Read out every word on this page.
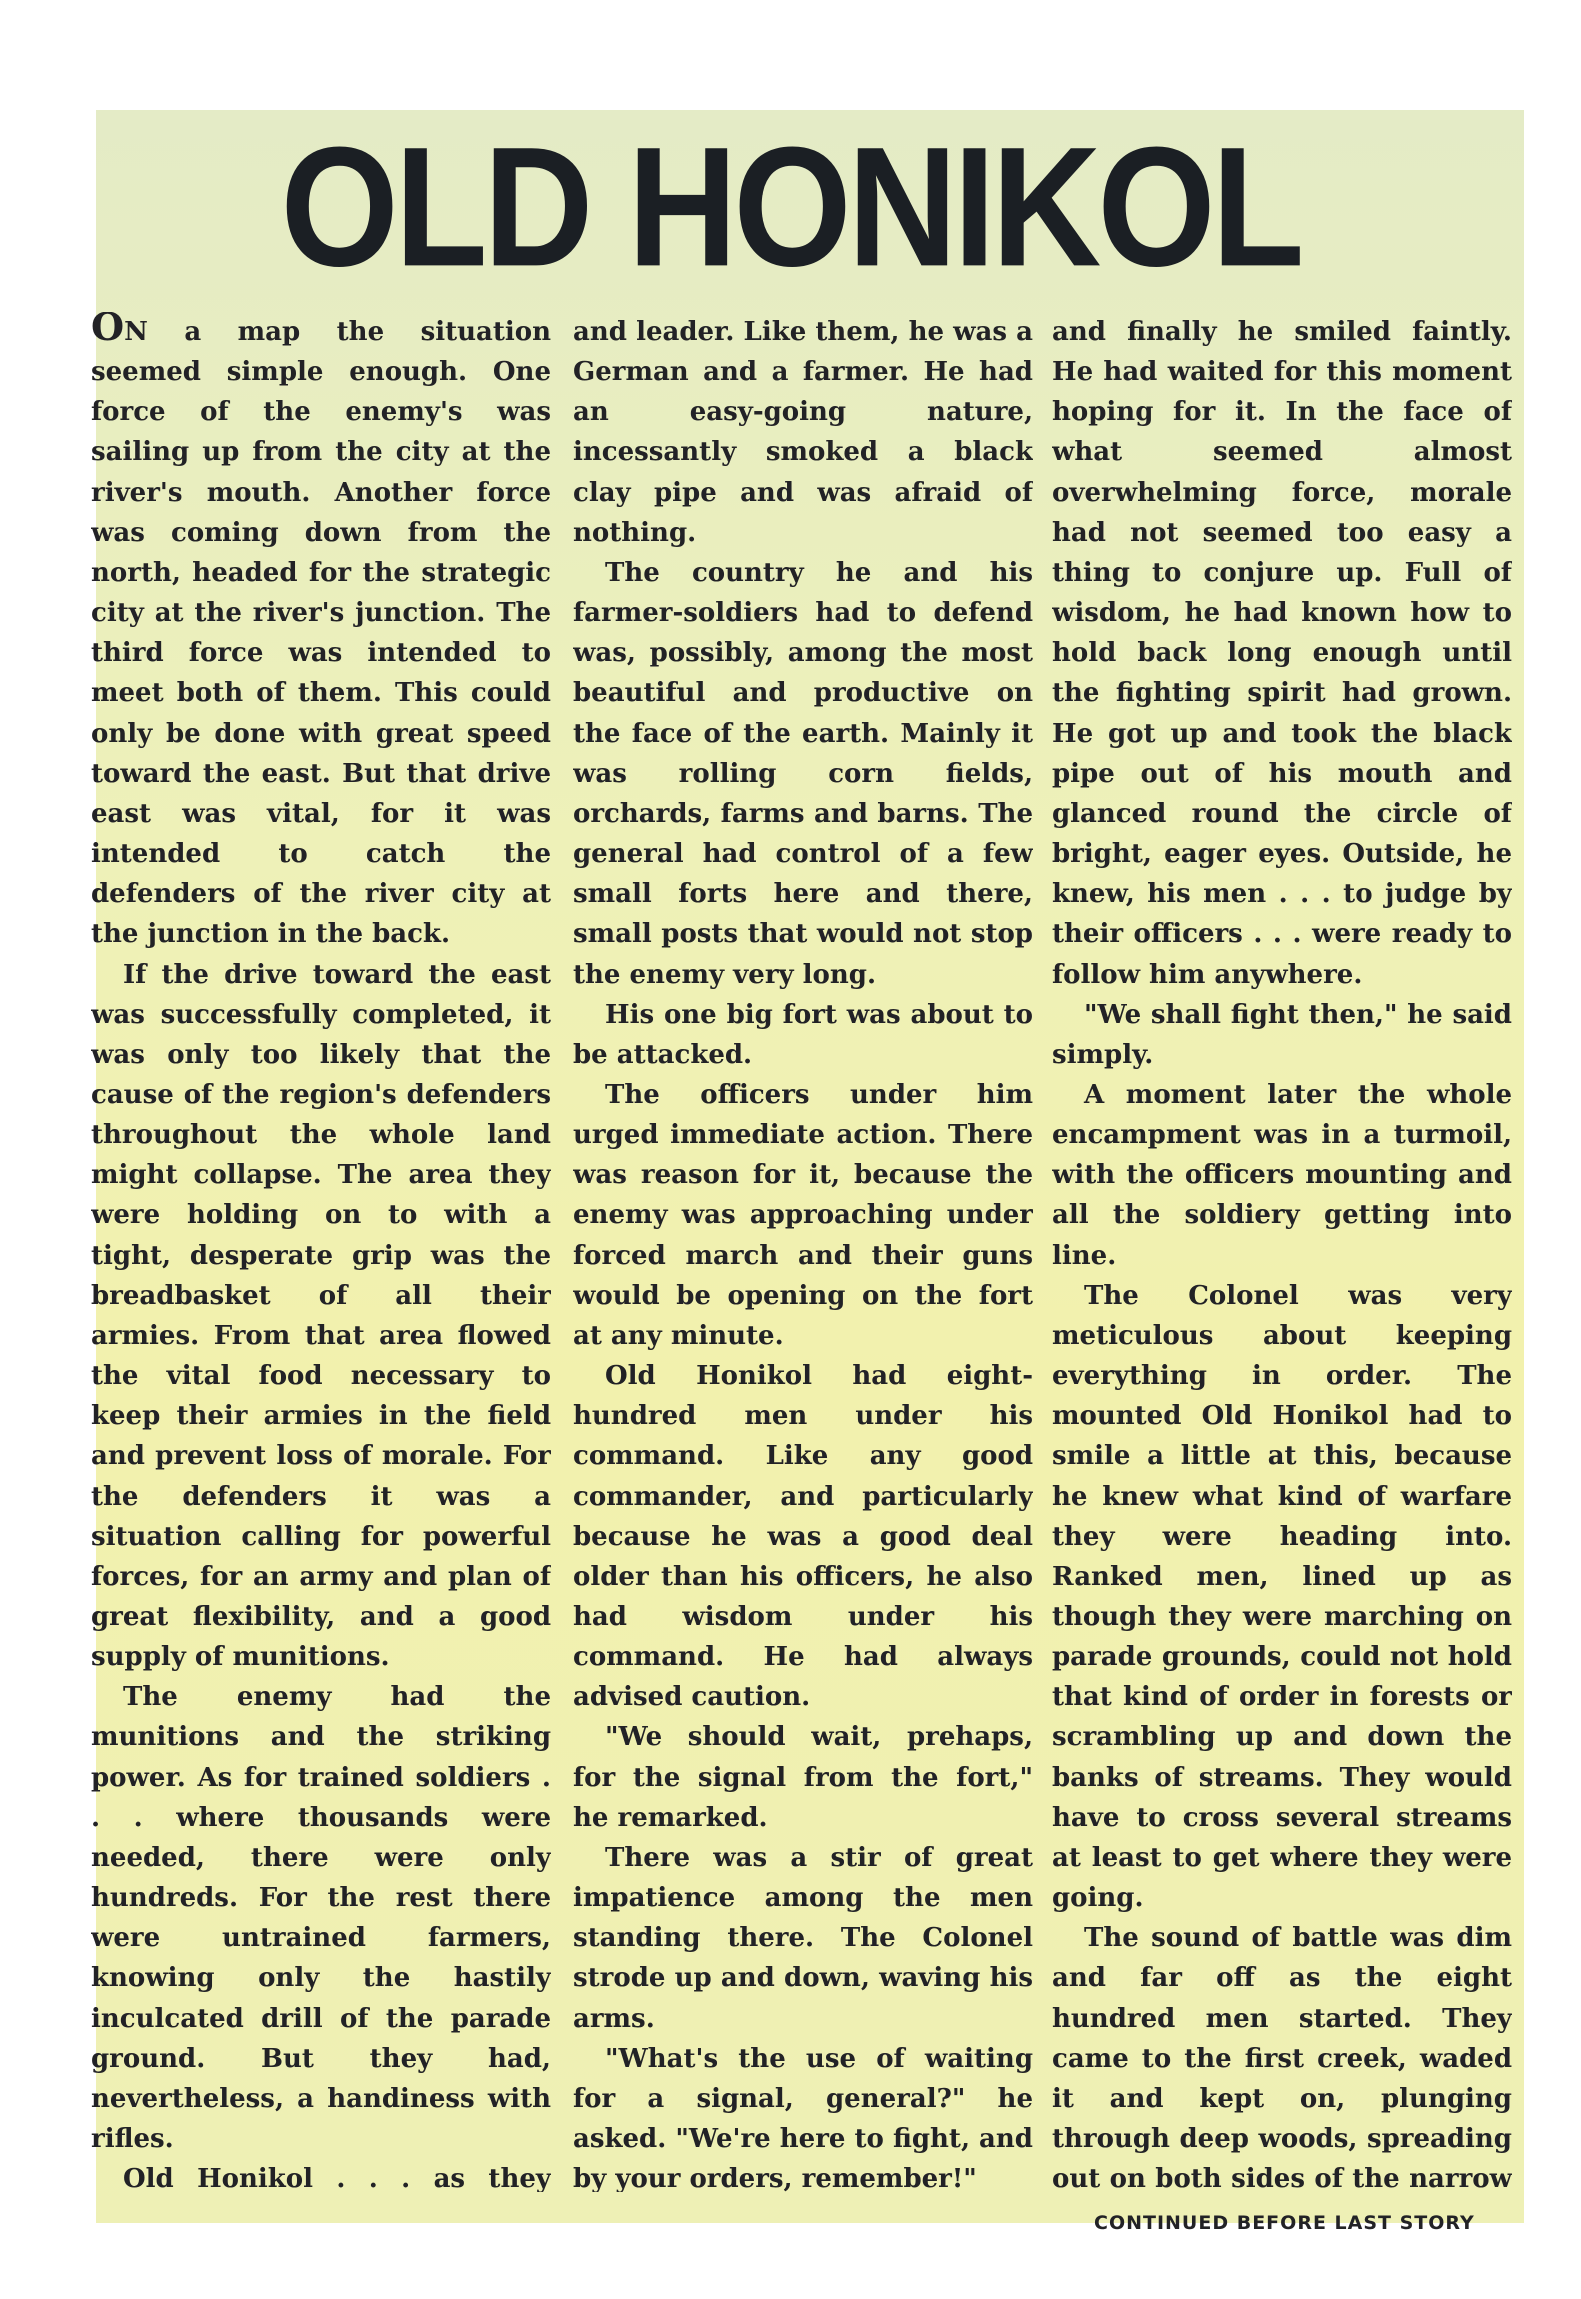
OLD HONIKOL

ON a map the situation seemed simple enough. One force of the enemy's was sailing up from the city at the river's mouth. Another force was coming down from the north, headed for the strategic city at the river's junction. The third force was intended to meet both of them. This could only be done with great speed toward the east. But that drive east was vital, for it was intended to catch the defenders of the river city at the junction in the back.

If the drive toward the east was successfully completed, it was only too likely that the cause of the region's defenders throughout the whole land might collapse. The area they were holding on to with a tight, desperate grip was the breadbasket of all their armies. From that area flowed the vital food necessary to keep their armies in the field and prevent loss of morale. For the defenders it was a situation calling for powerful forces, for an army and plan of great flexibility, and a good supply of munitions.

The enemy had the munitions and the striking power. As for trained soldiers . . . where thousands were needed, there were only hundreds. For the rest there were untrained farmers, knowing only the hastily inculcated drill of the parade ground. But they had, nevertheless, a handiness with rifles.

Old Honikol . . . as they

and leader. Like them, he was a German and a farmer. He had an easy-going nature, incessantly smoked a black clay pipe and was afraid of nothing.

The country he and his farmer-soldiers had to defend was, possibly, among the most beautiful and productive on the face of the earth. Mainly it was rolling corn fields, orchards, farms and barns. The general had control of a few small forts here and there, small posts that would not stop the enemy very long.

His one big fort was about to be attacked.

The officers under him urged immediate action. There was reason for it, because the enemy was approaching under forced march and their guns would be opening on the fort at any minute.

Old Honikol had eight-hundred men under his command. Like any good commander, and particularly because he was a good deal older than his officers, he also had wisdom under his command. He had always advised caution.

"We should wait, prehaps, for the signal from the fort," he remarked.

There was a stir of great impatience among the men standing there. The Colonel strode up and down, waving his arms.

"What's the use of waiting for a signal, general?" he asked. "We're here to fight, and by your orders, remember!"

and finally he smiled faintly. He had waited for this moment hoping for it. In the face of what seemed almost overwhelming force, morale had not seemed too easy a thing to conjure up. Full of wisdom, he had known how to hold back long enough until the fighting spirit had grown. He got up and took the black pipe out of his mouth and glanced round the circle of bright, eager eyes. Outside, he knew, his men . . . to judge by their officers . . . were ready to follow him anywhere.

"We shall fight then," he said simply.

A moment later the whole encampment was in a turmoil, with the officers mounting and all the soldiery getting into line.

The Colonel was very meticulous about keeping everything in order. The mounted Old Honikol had to smile a little at this, because he knew what kind of warfare they were heading into. Ranked men, lined up as though they were marching on parade grounds, could not hold that kind of order in forests or scrambling up and down the banks of streams. They would have to cross several streams at least to get where they were going.

The sound of battle was dim and far off as the eight hundred men started. They came to the first creek, waded it and kept on, plunging through deep woods, spreading out on both sides of the narrow

CONTINUED BEFORE LAST STORY
